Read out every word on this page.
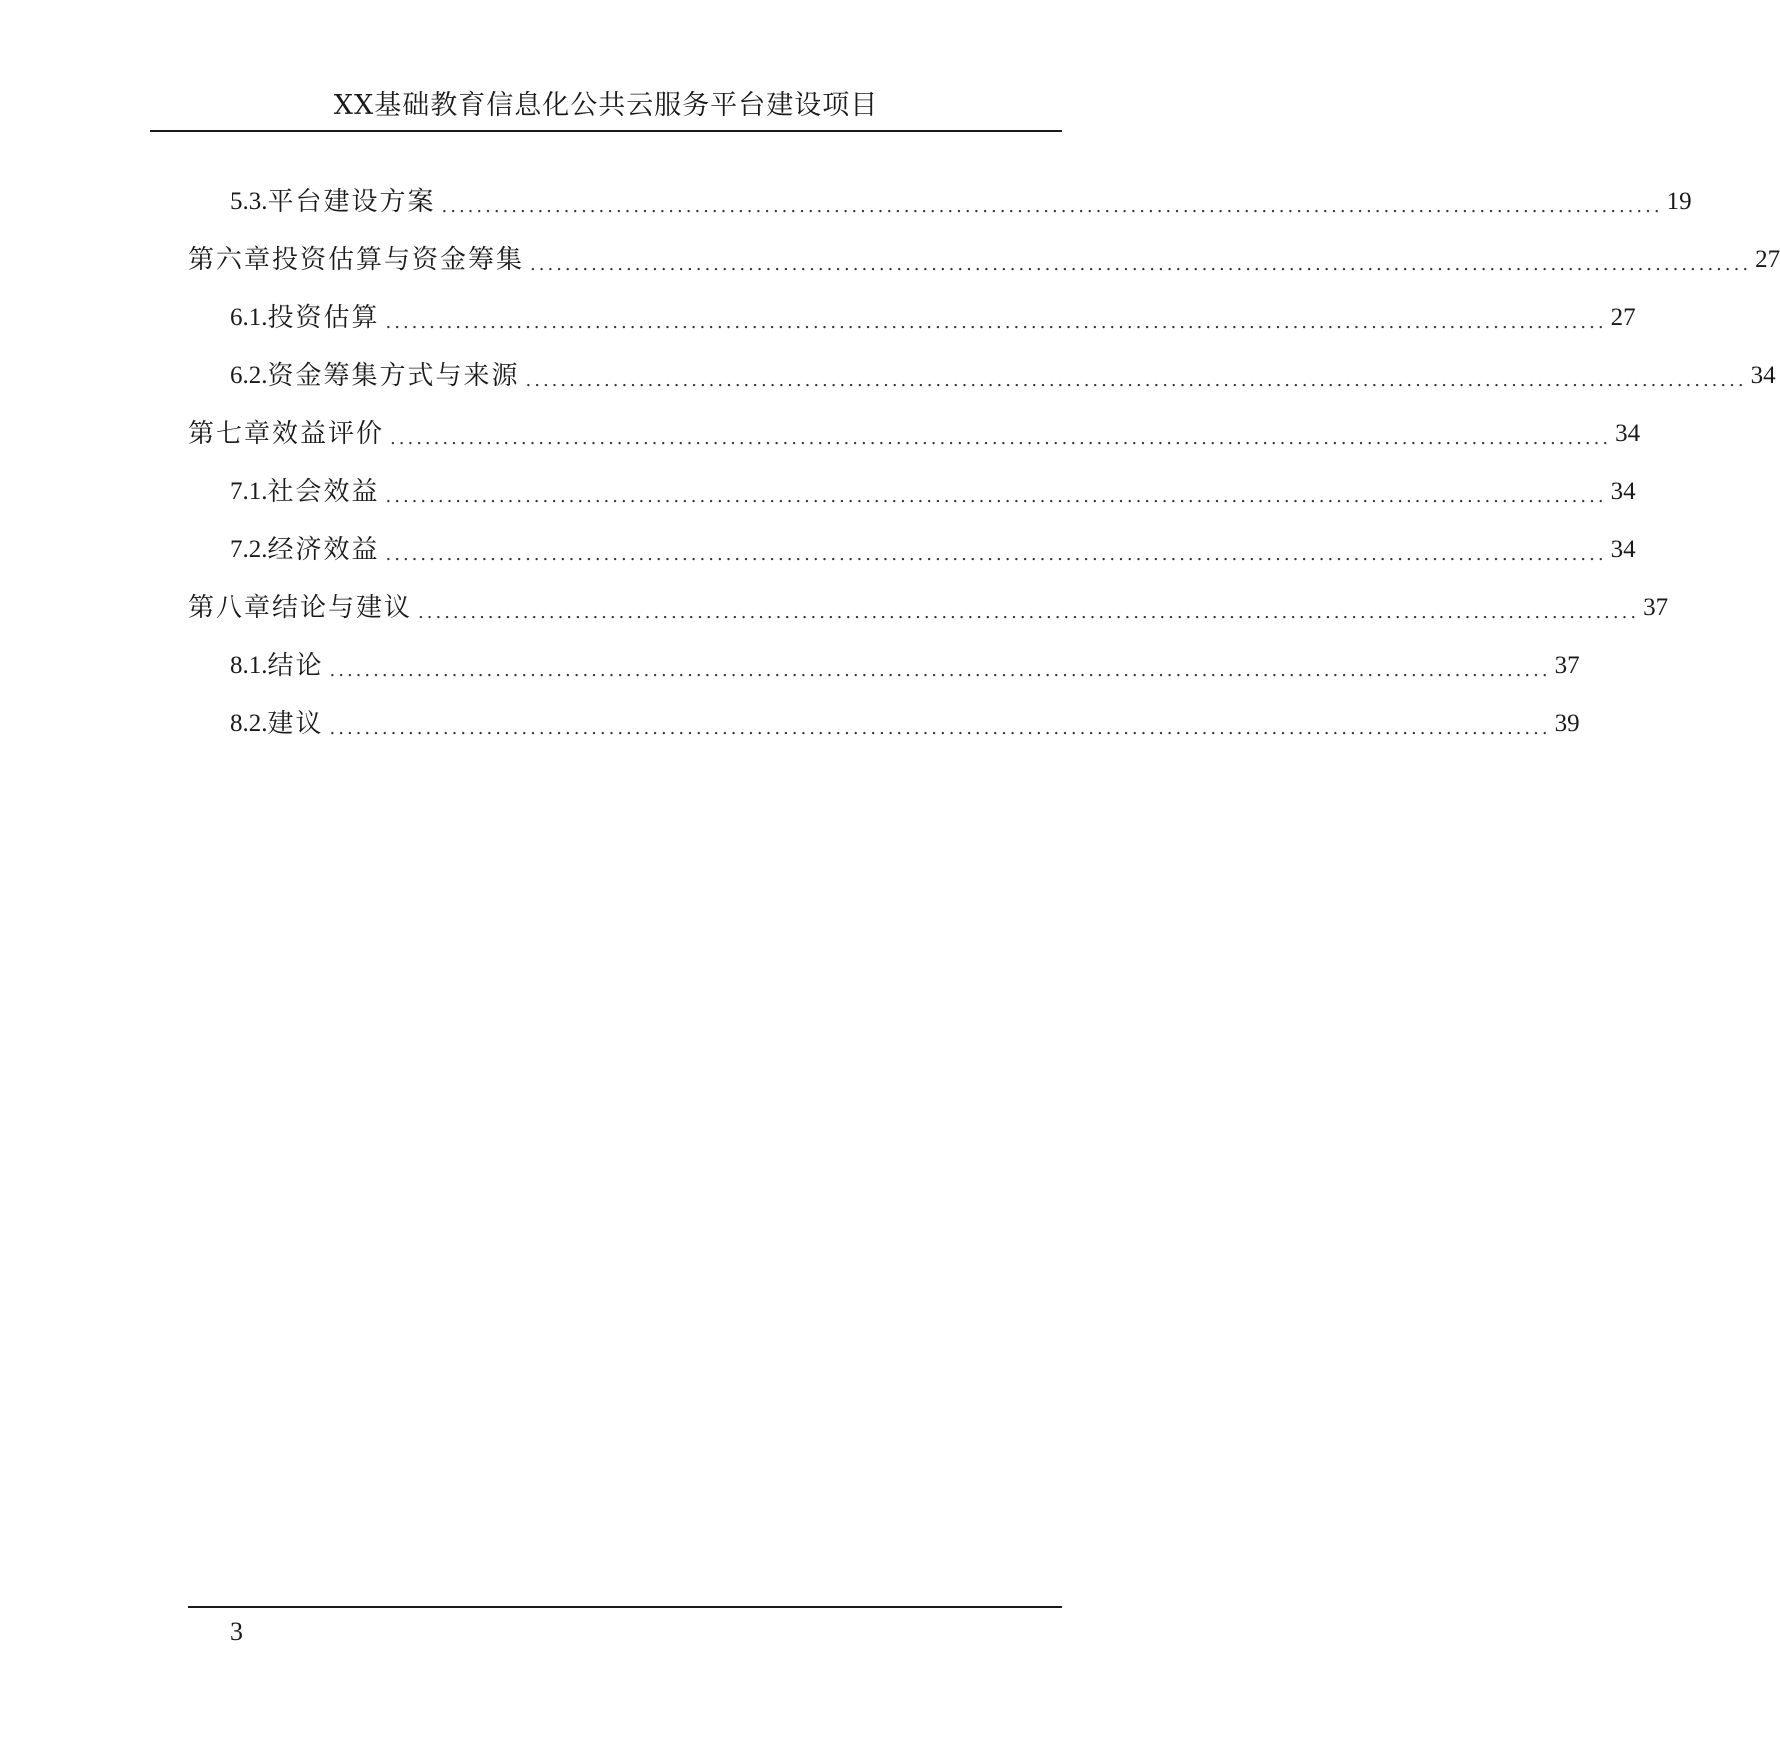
XX基础教育信息化公共云服务平台建设项目
5.3. 平台建设方案 ............................................................................................................................................ 19
第六章 投资估算与资金筹集 ............................................................................................................................................ 27
6.1. 投资估算 ............................................................................................................................................ 27
6.2. 资金筹集方式与来源 ............................................................................................................................................ 34
第七章 效益评价 ............................................................................................................................................ 34
7.1. 社会效益 ............................................................................................................................................ 34
7.2. 经济效益 ............................................................................................................................................ 34
第八章 结论与建议 ............................................................................................................................................ 37
8.1. 结论 ............................................................................................................................................ 37
8.2. 建议 ............................................................................................................................................ 39
3
